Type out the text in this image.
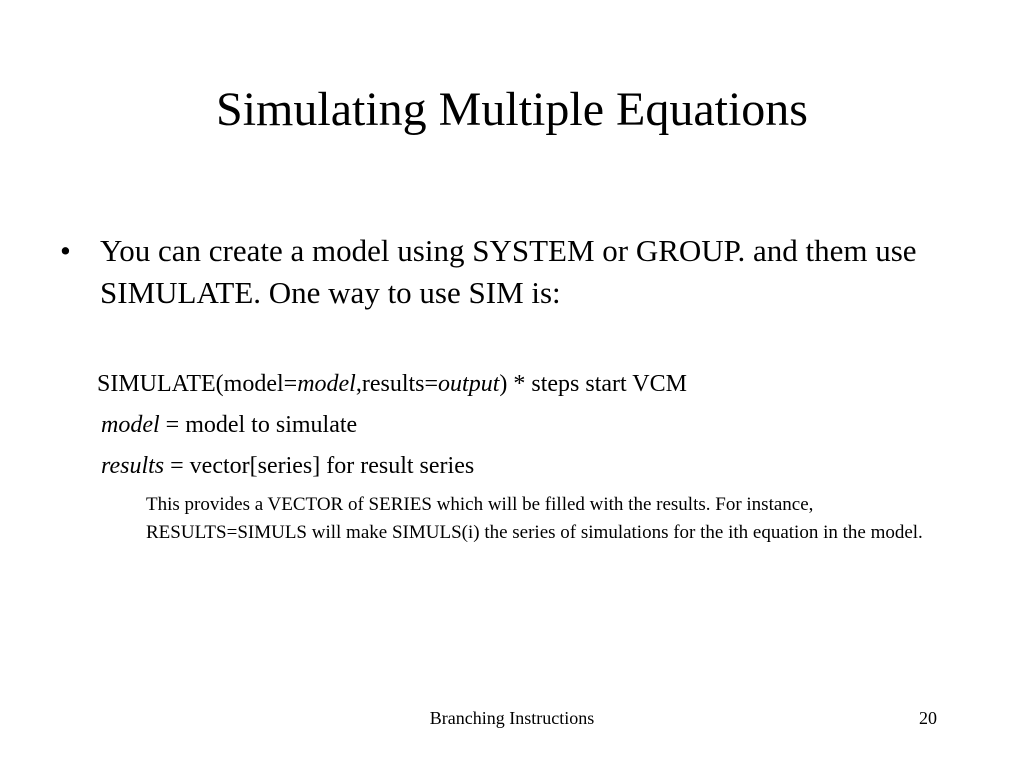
Simulating Multiple Equations
• You can create a model using SYSTEM or GROUP. and them use SIMULATE. One way to use SIM is:
SIMULATE(model=model,results=output) * steps start VCM
model = model to simulate
results = vector[series] for result series
This provides a VECTOR of SERIES which will be filled with the results. For instance, RESULTS=SIMULS will make SIMULS(i) the series of simulations for the ith equation in the model.
Branching Instructions	20
